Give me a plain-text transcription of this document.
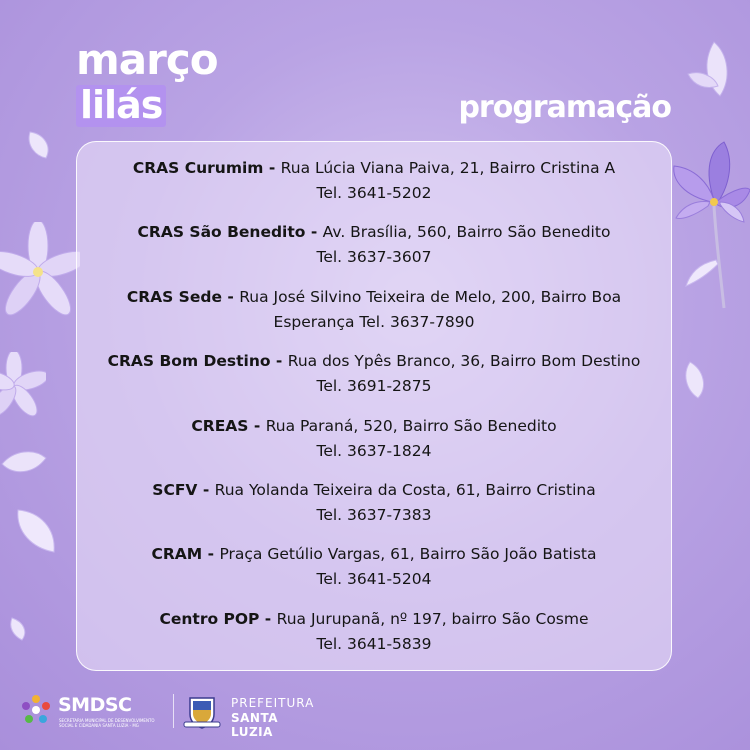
março
lilás	programação
CRAS Curumim - Rua Lúcia Viana Paiva, 21, Bairro Cristina A
Tel. 3641-5202
CRAS São Benedito - Av. Brasília, 560, Bairro São Benedito
Tel. 3637-3607
CRAS Sede - Rua José Silvino Teixeira de Melo, 200, Bairro Boa
Esperança Tel. 3637-7890
CRAS Bom Destino - Rua dos Ypês Branco, 36, Bairro Bom Destino
Tel. 3691-2875
CREAS - Rua Paraná, 520, Bairro São Benedito
Tel. 3637-1824
SCFV - Rua Yolanda Teixeira da Costa, 61, Bairro Cristina
Tel. 3637-7383
CRAM - Praça Getúlio Vargas, 61, Bairro São João Batista
Tel. 3641-5204
Centro POP - Rua Jurupanã, nº 197, bairro São Cosme
Tel. 3641-5839
SMDSC
SECRETARIA MUNICIPAL DE DESENVOLVIMENTO SOCIAL E CIDADANIA SANTA LUZIA - MG
PREFEITURA
SANTA LUZIA
